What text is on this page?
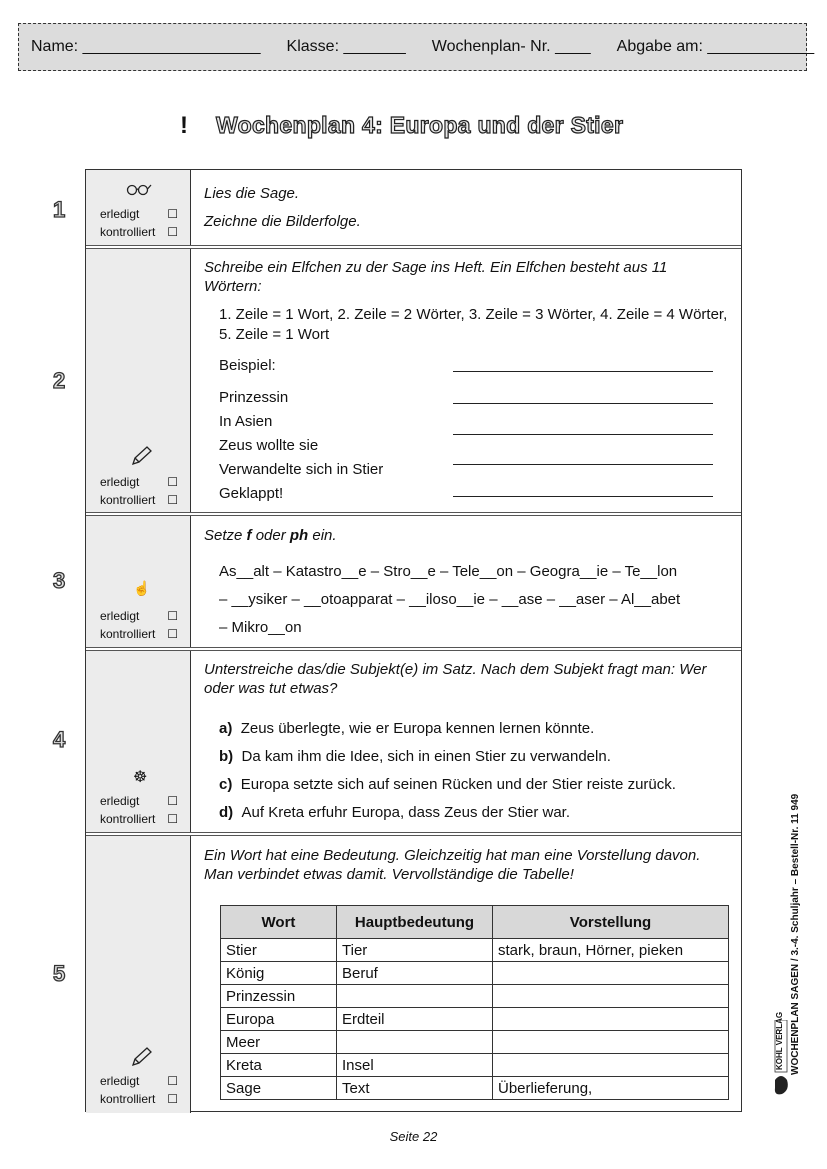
Name: ____________________ Klasse: _______ Wochenplan- Nr. ____ Abgabe am: ____________
! Wochenplan 4: Europa und der Stier
1	erledigt ☐
kontrolliert ☐
Lies die Sage.
Zeichne die Bilderfolge.
2
erledigt ☐
kontrolliert ☐
Schreibe ein Elfchen zu der Sage ins Heft. Ein Elfchen besteht aus 11 Wörtern:
1. Zeile = 1 Wort, 2. Zeile = 2 Wörter, 3. Zeile = 3 Wörter, 4. Zeile = 4 Wörter, 5. Zeile = 1 Wort
Beispiel:
Prinzessin
In Asien
Zeus wollte sie
Verwandelte sich in Stier
Geklappt!
3	☝
erledigt ☐
kontrolliert ☐
Setze f oder ph ein.
As__alt – Katastro__e – Stro__e – Tele__on – Geogra__ie – Te__lon
– __ysiker – __otoapparat – __iloso__ie – __ase – __aser – Al__abet
– Mikro__on
4
☸
erledigt ☐
kontrolliert ☐
Unterstreiche das/die Subjekt(e) im Satz. Nach dem Subjekt fragt man: Wer oder was tut etwas?
a) Zeus überlegte, wie er Europa kennen lernen könnte.
b) Da kam ihm die Idee, sich in einen Stier zu verwandeln.
c) Europa setzte sich auf seinen Rücken und der Stier reiste zurück.
d) Auf Kreta erfuhr Europa, dass Zeus der Stier war.
5
erledigt ☐
kontrolliert ☐
Ein Wort hat eine Bedeutung. Gleichzeitig hat man eine Vorstellung davon. Man verbindet etwas damit. Vervollständige die Tabelle!
Wort	Hauptbedeutung	Vorstellung
Stier	Tier	stark, braun, Hörner, pieken
König	Beruf	
Prinzessin		
Europa	Erdteil	
Meer		
Kreta	Insel	
Sage	Text	Überlieferung,
Seite 22
WOCHENPLAN SAGEN / 3.-4. Schuljahr – Bestell-Nr. 11 949
KOHL VERLAG
